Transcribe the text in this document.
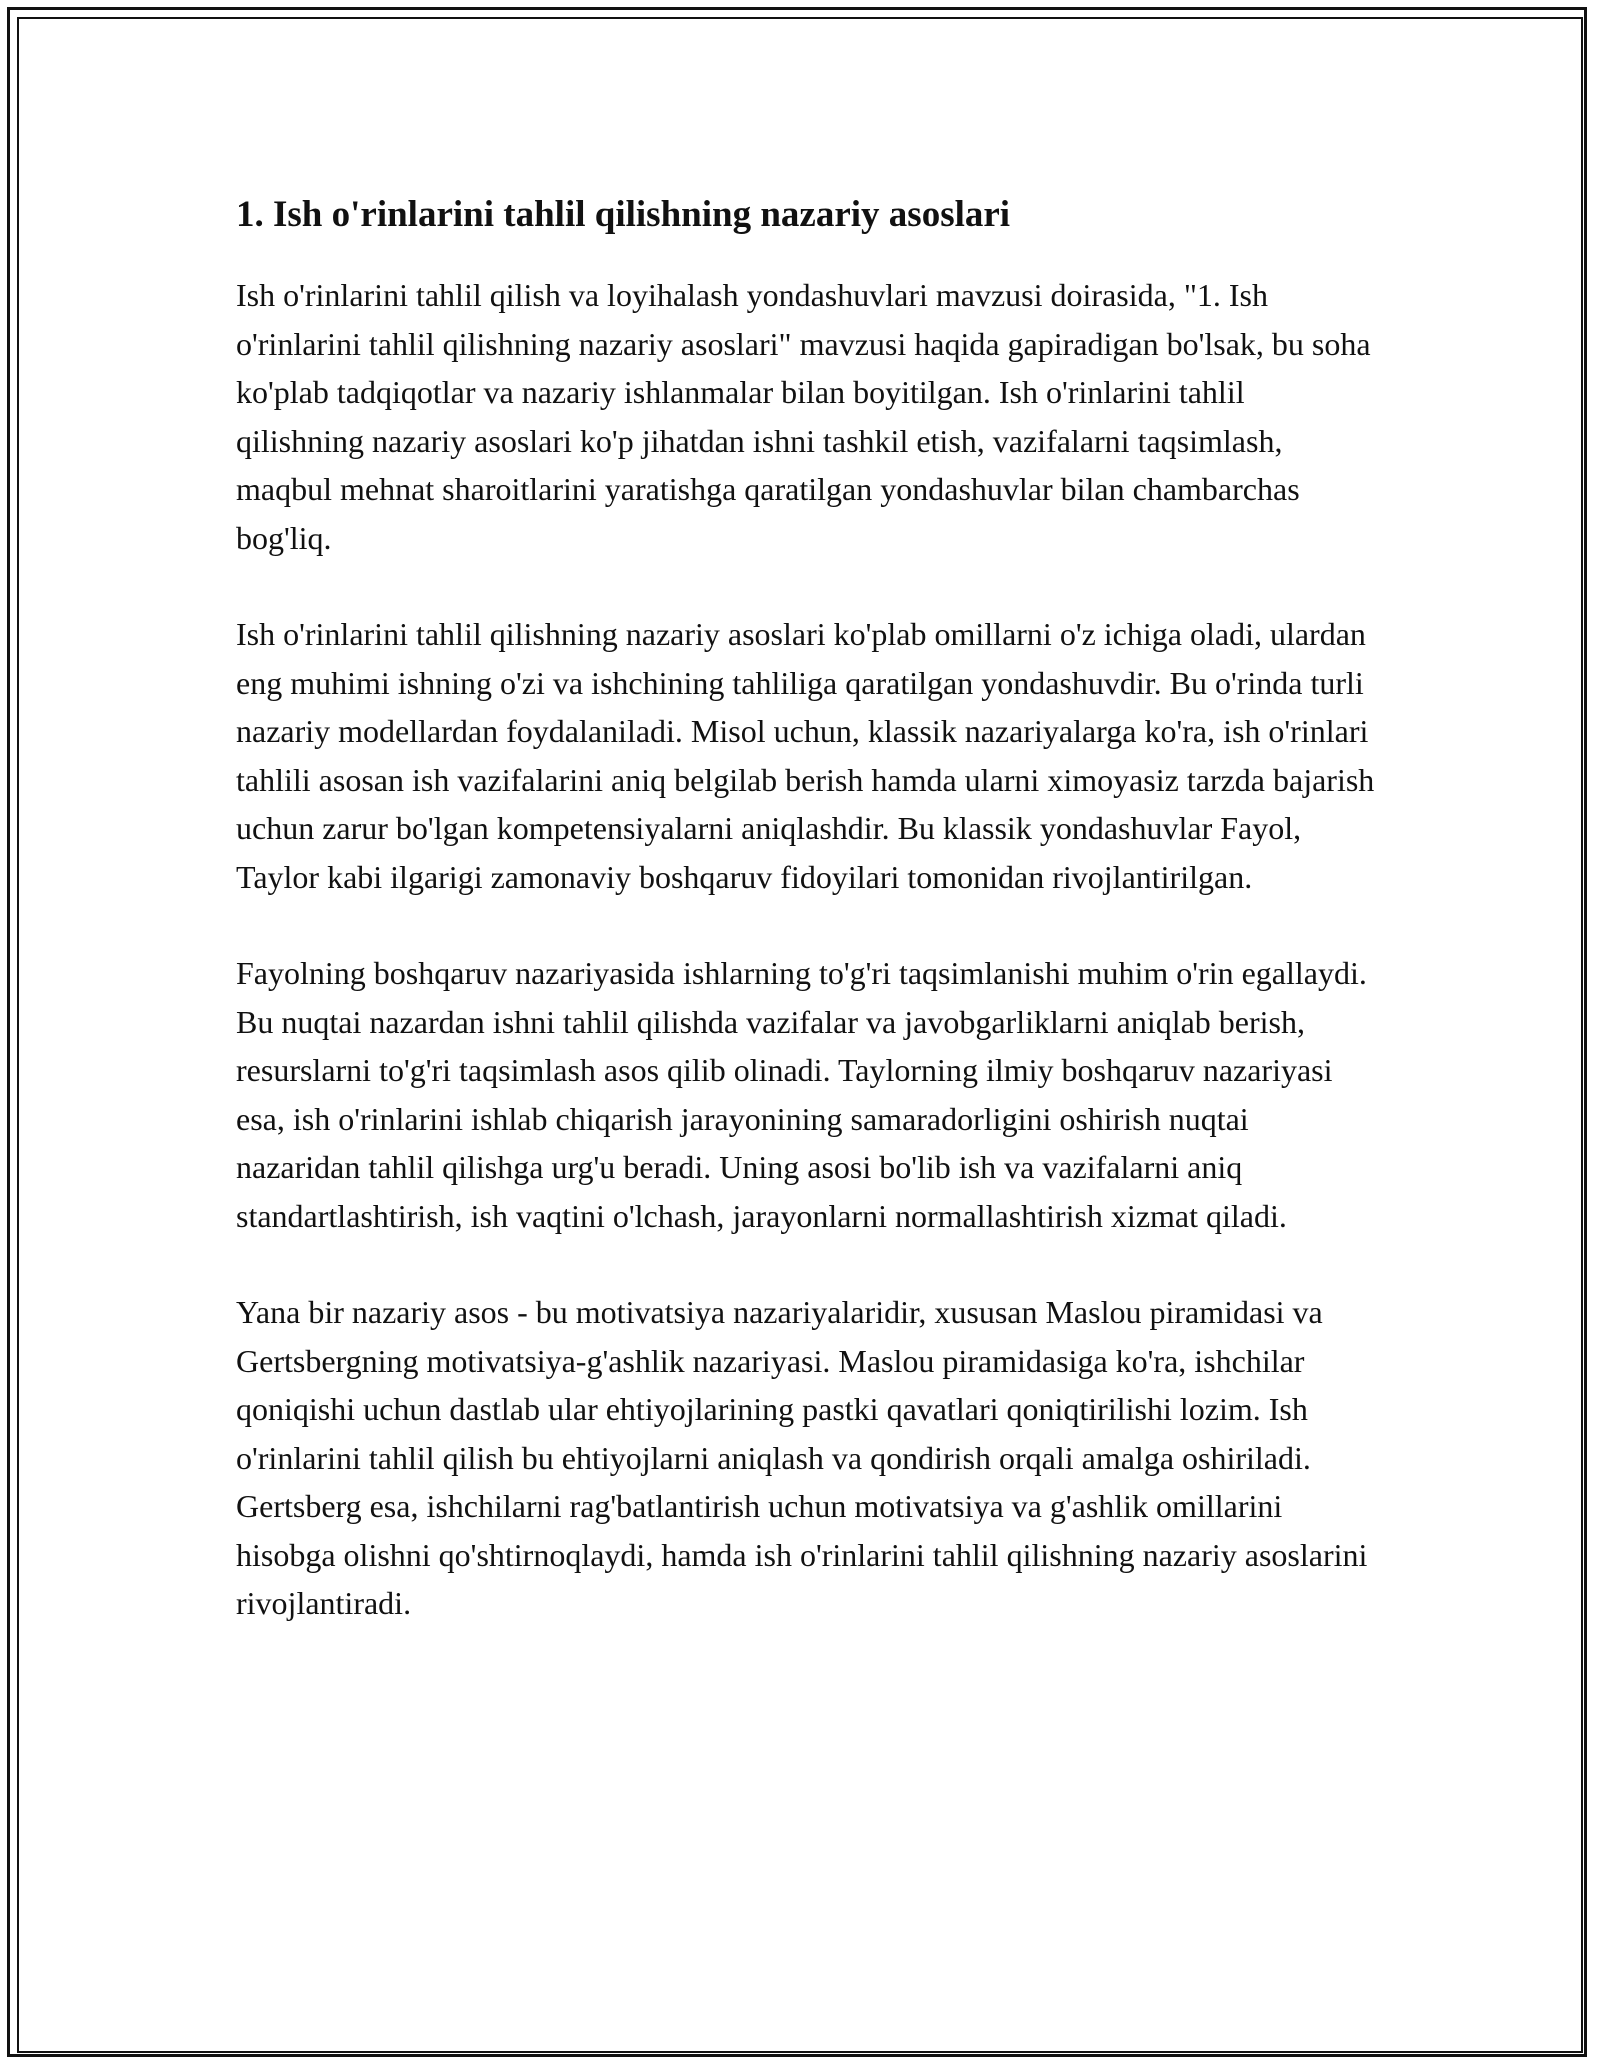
1. Ish o'rinlarini tahlil qilishning nazariy asoslari

Ish o'rinlarini tahlil qilish va loyihalash yondashuvlari mavzusi doirasida, "1. Ish o'rinlarini tahlil qilishning nazariy asoslari" mavzusi haqida gapiradigan bo'lsak, bu soha ko'plab tadqiqotlar va nazariy ishlanmalar bilan boyitilgan. Ish o'rinlarini tahlil qilishning nazariy asoslari ko'p jihatdan ishni tashkil etish, vazifalarni taqsimlash, maqbul mehnat sharoitlarini yaratishga qaratilgan yondashuvlar bilan chambarchas bog'liq.

Ish o'rinlarini tahlil qilishning nazariy asoslari ko'plab omillarni o'z ichiga oladi, ulardan eng muhimi ishning o'zi va ishchining tahliliga qaratilgan yondashuvdir. Bu o'rinda turli nazariy modellardan foydalaniladi. Misol uchun, klassik nazariyalarga ko'ra, ish o'rinlari tahlili asosan ish vazifalarini aniq belgilab berish hamda ularni ximoyasiz tarzda bajarish uchun zarur bo'lgan kompetensiyalarni aniqlashdir. Bu klassik yondashuvlar Fayol, Taylor kabi ilgarigi zamonaviy boshqaruv fidoyilari tomonidan rivojlantirilgan.

Fayolning boshqaruv nazariyasida ishlarning to'g'ri taqsimlanishi muhim o'rin egallaydi. Bu nuqtai nazardan ishni tahlil qilishda vazifalar va javobgarliklarni aniqlab berish, resurslarni to'g'ri taqsimlash asos qilib olinadi. Taylorning ilmiy boshqaruv nazariyasi esa, ish o'rinlarini ishlab chiqarish jarayonining samaradorligini oshirish nuqtai nazaridan tahlil qilishga urg'u beradi. Uning asosi bo'lib ish va vazifalarni aniq standartlashtirish, ish vaqtini o'lchash, jarayonlarni normallashtirish xizmat qiladi.

Yana bir nazariy asos - bu motivatsiya nazariyalaridir, xususan Maslou piramidasi va Gertsbergning motivatsiya-g'ashlik nazariyasi. Maslou piramidasiga ko'ra, ishchilar qoniqishi uchun dastlab ular ehtiyojlarining pastki qavatlari qoniqtirilishi lozim. Ish o'rinlarini tahlil qilish bu ehtiyojlarni aniqlash va qondirish orqali amalga oshiriladi. Gertsberg esa, ishchilarni rag'batlantirish uchun motivatsiya va g'ashlik omillarini hisobga olishni qo'shtirnoqlaydi, hamda ish o'rinlarini tahlil qilishning nazariy asoslarini rivojlantiradi.
